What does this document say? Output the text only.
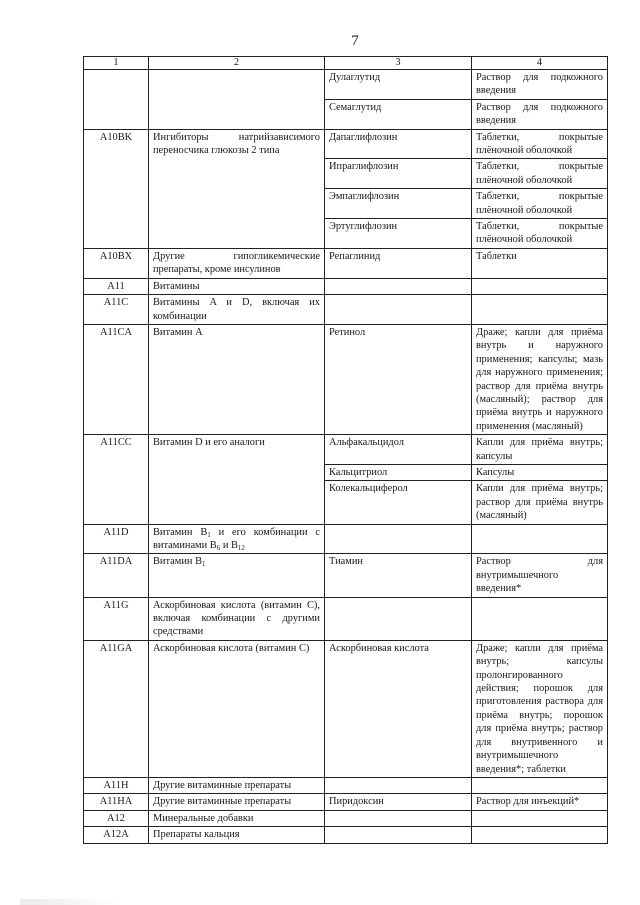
7
1	2	3	4
		Дулаглутид	Раствор для подкожного введения
		Семаглутид	Раствор для подкожного введения
A10BK	Ингибиторы натрийзависимого переносчика глюкозы 2 типа	Дапаглифлозин	Таблетки, покрытые плёночной оболочкой
		Ипраглифлозин	Таблетки, покрытые плёночной оболочкой
		Эмпаглифлозин	Таблетки, покрытые плёночной оболочкой
		Эртуглифлозин	Таблетки, покрытые плёночной оболочкой
A10BX	Другие гипогликемические препараты, кроме инсулинов	Репаглинид	Таблетки
A11	Витамины		
A11C	Витамины A и D, включая их комбинации		
A11CA	Витамин A	Ретинол	Драже; капли для приёма внутрь и наружного применения; капсулы; мазь для наружного применения; раствор для приёма внутрь (масляный); раствор для приёма внутрь и наружного применения (масляный)
A11CC	Витамин D и его аналоги	Альфакальцидол	Капли для приёма внутрь; капсулы
		Кальцитриол	Капсулы
		Колекальциферол	Капли для приёма внутрь; раствор для приёма внутрь (масляный)
A11D	Витамин $B_1$ и его комбинации с витаминами $B_6$ и $B_{12}$		
A11DA	Витамин $B_1$	Тиамин	Раствор для внутримышечного введения*
A11G	Аскорбиновая кислота (витамин C), включая комбинации с другими средствами		
A11GA	Аскорбиновая кислота (витамин C)	Аскорбиновая кислота	Драже; капли для приёма внутрь; капсулы пролонгированного действия; порошок для приготовления раствора для приёма внутрь; порошок для приёма внутрь; раствор для внутривенного и внутримышечного введения*; таблетки
A11H	Другие витаминные препараты		
A11HA	Другие витаминные препараты	Пиридоксин	Раствор для инъекций*
A12	Минеральные добавки		
A12A	Препараты кальция		
